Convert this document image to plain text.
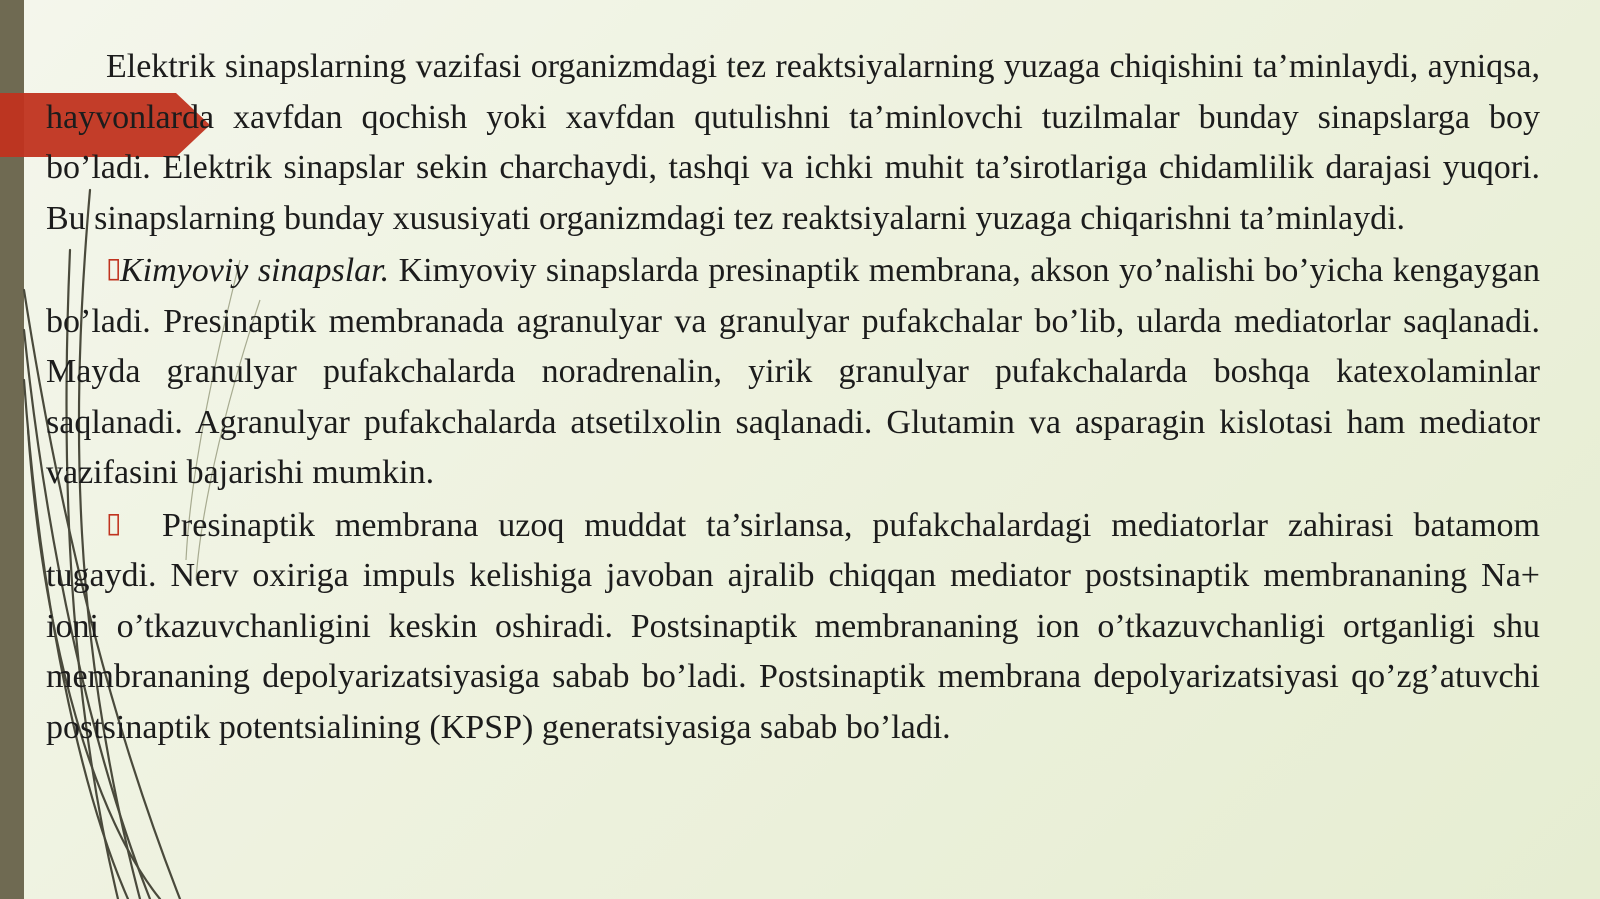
Elektrik sinapslarning vazifasi organizmdagi tez reaktsiyalarning yuzaga chiqishini ta’minlaydi, ayniqsa, hayvonlarda xavfdan qochish yoki xavfdan qutulishni ta’minlovchi tuzilmalar bunday sinapslarga boy bo’ladi. Elektrik sinapslar sekin charchaydi, tashqi va ichki muhit ta’sirotlariga chidamlilik darajasi yuqori. Bu sinapslarning bunday xususiyati organizmdagi tez reaktsiyalarni yuzaga chiqarishni ta’minlaydi.

▯Kimyoviy sinapslar. Kimyoviy sinapslarda presinaptik membrana, akson yo’nalishi bo’yicha kengaygan bo’ladi. Presinaptik membranada agranulyar va granulyar pufakchalar bo’lib, ularda mediatorlar saqlanadi. Mayda granulyar pufakchalarda noradrenalin, yirik granulyar pufakchalarda boshqa katexolaminlar saqlanadi. Agranulyar pufakchalarda atsetilxolin saqlanadi. Glutamin va asparagin kislotasi ham mediator vazifasini bajarishi mumkin.

▯ Presinaptik membrana uzoq muddat ta’sirlansa, pufakchalardagi mediatorlar zahirasi batamom tugaydi. Nerv oxiriga impuls kelishiga javoban ajralib chiqqan mediator postsinaptik membrananing Na+ ioni o’tkazuvchanligini keskin oshiradi. Postsinaptik membrananing ion o’tkazuvchanligi ortganligi shu membrananing depolyarizatsiyasiga sabab bo’ladi. Postsinaptik membrana depolyarizatsiyasi qo’zg’atuvchi postsinaptik potentsialining (KPSP) generatsiyasiga sabab bo’ladi.
